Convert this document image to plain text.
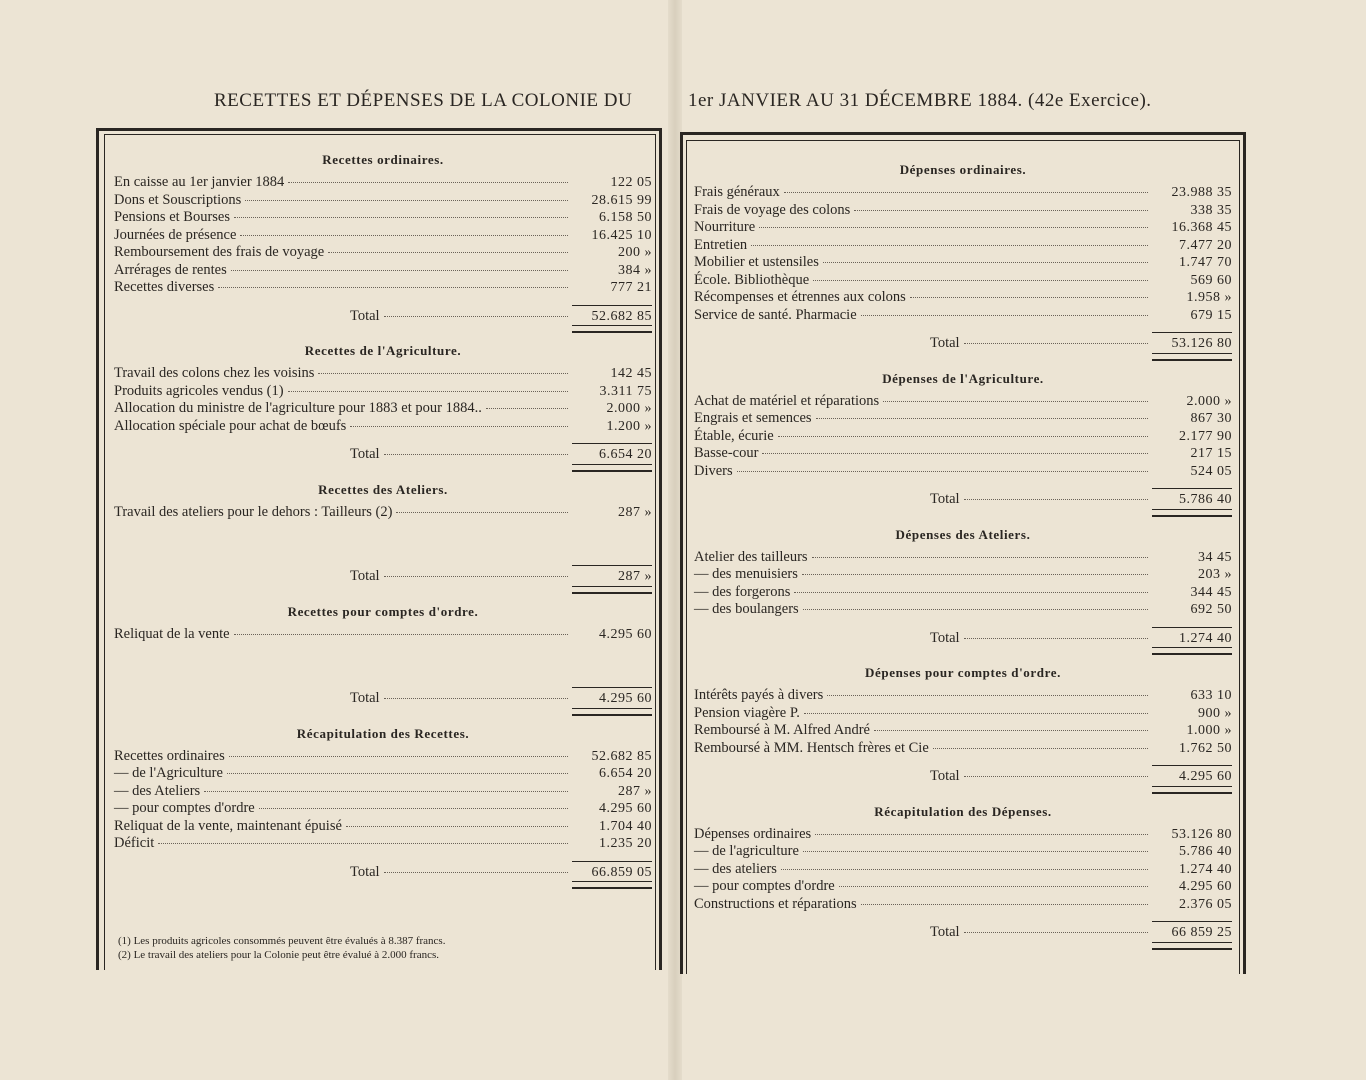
RECETTES ET DÉPENSES DE LA COLONIE DU	1er JANVIER AU 31 DÉCEMBRE 1884. (42e Exercice).
Recettes ordinaires.
En caisse au 1er janvier 1884	122 05
Dons et Souscriptions	28.615 99
Pensions et Bourses	6.158 50
Journées de présence	16.425 10
Remboursement des frais de voyage	200 »
Arrérages de rentes	384 »
Recettes diverses	777 21
Total	52.682 85
Recettes de l'Agriculture.
Travail des colons chez les voisins	142 45
Produits agricoles vendus (1)	3.311 75
Allocation du ministre de l'agriculture pour 1883 et pour 1884..	2.000 »
Allocation spéciale pour achat de bœufs	1.200 »
Total	6.654 20
Recettes des Ateliers.
Travail des ateliers pour le dehors : Tailleurs (2)	287 »
Total	287 »
Recettes pour comptes d'ordre.
Reliquat de la vente	4.295 60
Total	4.295 60
Récapitulation des Recettes.
Recettes ordinaires	52.682 85
— de l'Agriculture	6.654 20
— des Ateliers	287 »
— pour comptes d'ordre	4.295 60
Reliquat de la vente, maintenant épuisé	1.704 40
Déficit	1.235 20
Total	66.859 05
Dépenses ordinaires.
Frais généraux	23.988 35
Frais de voyage des colons	338 35
Nourriture	16.368 45
Entretien	7.477 20
Mobilier et ustensiles	1.747 70
École. Bibliothèque	569 60
Récompenses et étrennes aux colons	1.958 »
Service de santé. Pharmacie	679 15
Total	53.126 80
Dépenses de l'Agriculture.
Achat de matériel et réparations	2.000 »
Engrais et semences	867 30
Étable, écurie	2.177 90
Basse-cour	217 15
Divers	524 05
Total	5.786 40
Dépenses des Ateliers.
Atelier des tailleurs	34 45
— des menuisiers	203 »
— des forgerons	344 45
— des boulangers	692 50
Total	1.274 40
Dépenses pour comptes d'ordre.
Intérêts payés à divers	633 10
Pension viagère P.	900 »
Remboursé à M. Alfred André	1.000 »
Remboursé à MM. Hentsch frères et Cie	1.762 50
Total	4.295 60
Récapitulation des Dépenses.
Dépenses ordinaires	53.126 80
— de l'agriculture	5.786 40
— des ateliers	1.274 40
— pour comptes d'ordre	4.295 60
Constructions et réparations	2.376 05
Total	66 859 25
(1) Les produits agricoles consommés peuvent être évalués à 8.387 francs.
(2) Le travail des ateliers pour la Colonie peut être évalué à 2.000 francs.
